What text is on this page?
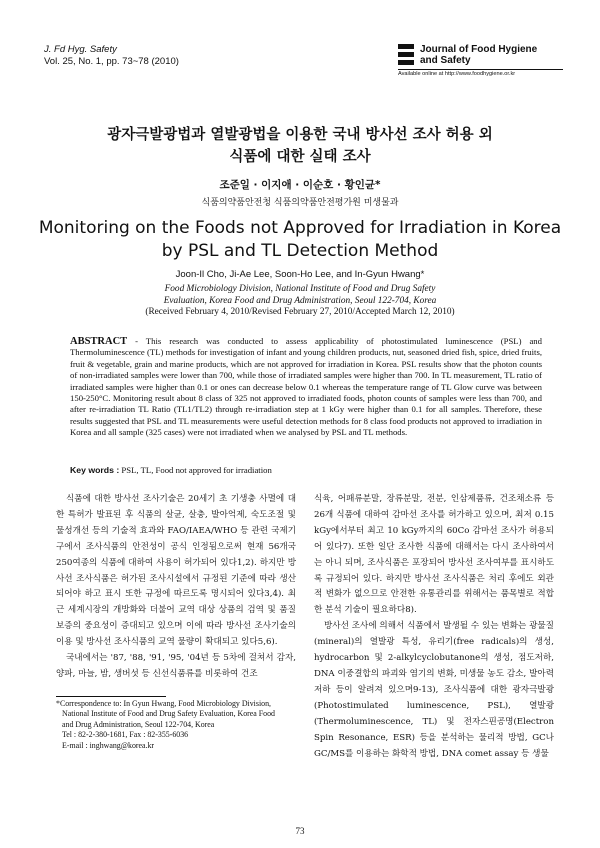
J. Fd Hyg. Safety
Vol. 25, No. 1, pp. 73~78 (2010)
Journal of Food Hygiene
and Safety
Available online at http://www.foodhygiene.or.kr
광자극발광법과 열발광법을 이용한 국내 방사선 조사 허용 외
식품에 대한 실태 조사
조준일 · 이지애 · 이순호 · 황인균*
식품의약품안전청 식품의약품안전평가원 미생물과
Monitoring on the Foods not Approved for Irradiation in Korea
by PSL and TL Detection Method
Joon-Il Cho, Ji-Ae Lee, Soon-Ho Lee, and In-Gyun Hwang*
Food Microbiology Division, National Institute of Food and Drug Safety
Evaluation, Korea Food and Drug Administration, Seoul 122-704, Korea
(Received February 4, 2010/Revised February 27, 2010/Accepted March 12, 2010)
ABSTRACT - This research was conducted to assess applicability of photostimulated luminescence (PSL) and Thermoluminescence (TL) methods for investigation of infant and young children products, nut, seasoned dried fish, spice, dried fruits, fruit & vegetable, grain and marine products, which are not approved for irradiation in Korea. PSL results show that the photon counts of non-irradiated samples were lower than 700, while those of irradiated samples were higher than 700. In TL measurement, TL ratio of irradiated samples were higher than 0.1 or ones can decrease below 0.1 whereas the temperature range of TL Glow curve was between 150-250°C. Monitoring result about 8 class of 325 not approved to irradiated foods, photon counts of samples were less than 700, and after re-irradiation TL Ratio (TL1/TL2) through re-irradiation step at 1 kGy were higher than 0.1 for all samples. Therefore, these results suggested that PSL and TL measurements were useful detection methods for 8 class food products not approved to irradiation in Korea and all sample (325 cases) were not irradiated when we analysed by PSL and TL methods.
Key words : PSL, TL, Food not approved for irradiation

식품에 대한 방사선 조사기술은 20세기 초 기생충 사멸에 대한 특허가 발표된 후 식품의 살균, 살충, 발아억제, 숙도조절 및 물성개선 등의 기술적 효과와 FAO/IAEA/WHO 등 관련 국제기구에서 조사식품의 안전성이 공식 인정됨으로써 현재 56개국 250여종의 식품에 대하여 사용이 허가되어 있다1,2). 하지만 방사선 조사식품은 허가된 조사시설에서 규정된 기준에 따라 생산되어야 하고 표시 또한 규정에 따르도록 명시되어 있다3,4). 최근 세계시장의 개방화와 더불어 교역 대상 상품의 검역 및 품질 보증의 중요성이 증대되고 있으며 이에 따라 방사선 조사기술의 이용 및 방사선 조사식품의 교역 물량이 확대되고 있다5,6).

국내에서는 '87, '88, '91, '95, '04년 등 5차에 걸쳐서 감자, 양파, 마늘, 밤, 생버섯 등 신선식품류를 비롯하여 건조

식육, 어패류분말, 장류분말, 전분, 인삼제품류, 건조채소류 등 26개 식품에 대하여 감마선 조사를 허가하고 있으며, 최저 0.15 kGy에서부터 최고 10 kGy까지의 60Co 감마선 조사가 허용되어 있다7). 또한 일단 조사한 식품에 대해서는 다시 조사하여서는 아니 되며, 조사식품은 포장되어 방사선 조사여부를 표시하도록 규정되어 있다. 하지만 방사선 조사식품은 처리 후에도 외관적 변화가 없으므로 안전한 유통관리를 위해서는 품목별로 적합한 분석 기술이 필요하다8).

방사선 조사에 의해서 식품에서 발생될 수 있는 변화는 광물질(mineral)의 열발광 특성, 유리기(free radicals)의 생성, hydrocarbon 및 2-alkylcyclobutanone의 생성, 점도저하, DNA 이중결합의 파괴와 염기의 변화, 미생물 농도 감소, 발아력 저하 등이 알려져 있으며9-13), 조사식품에 대한 광자극발광(Photostimulated luminescence, PSL), 열발광(Thermoluminescence, TL) 및 전자스핀공명(Electron Spin Resonance, ESR) 등을 분석하는 물리적 방법, GC나 GC/MS를 이용하는 화학적 방법, DNA comet assay 등 생물

*Correspondence to: In Gyun Hwang, Food Microbiology Division,
National Institute of Food and Drug Safety Evaluation, Korea Food
and Drug Administration, Seoul 122-704, Korea
Tel : 82-2-380-1681, Fax : 82-355-6036
E-mail : inghwang@korea.kr
73
